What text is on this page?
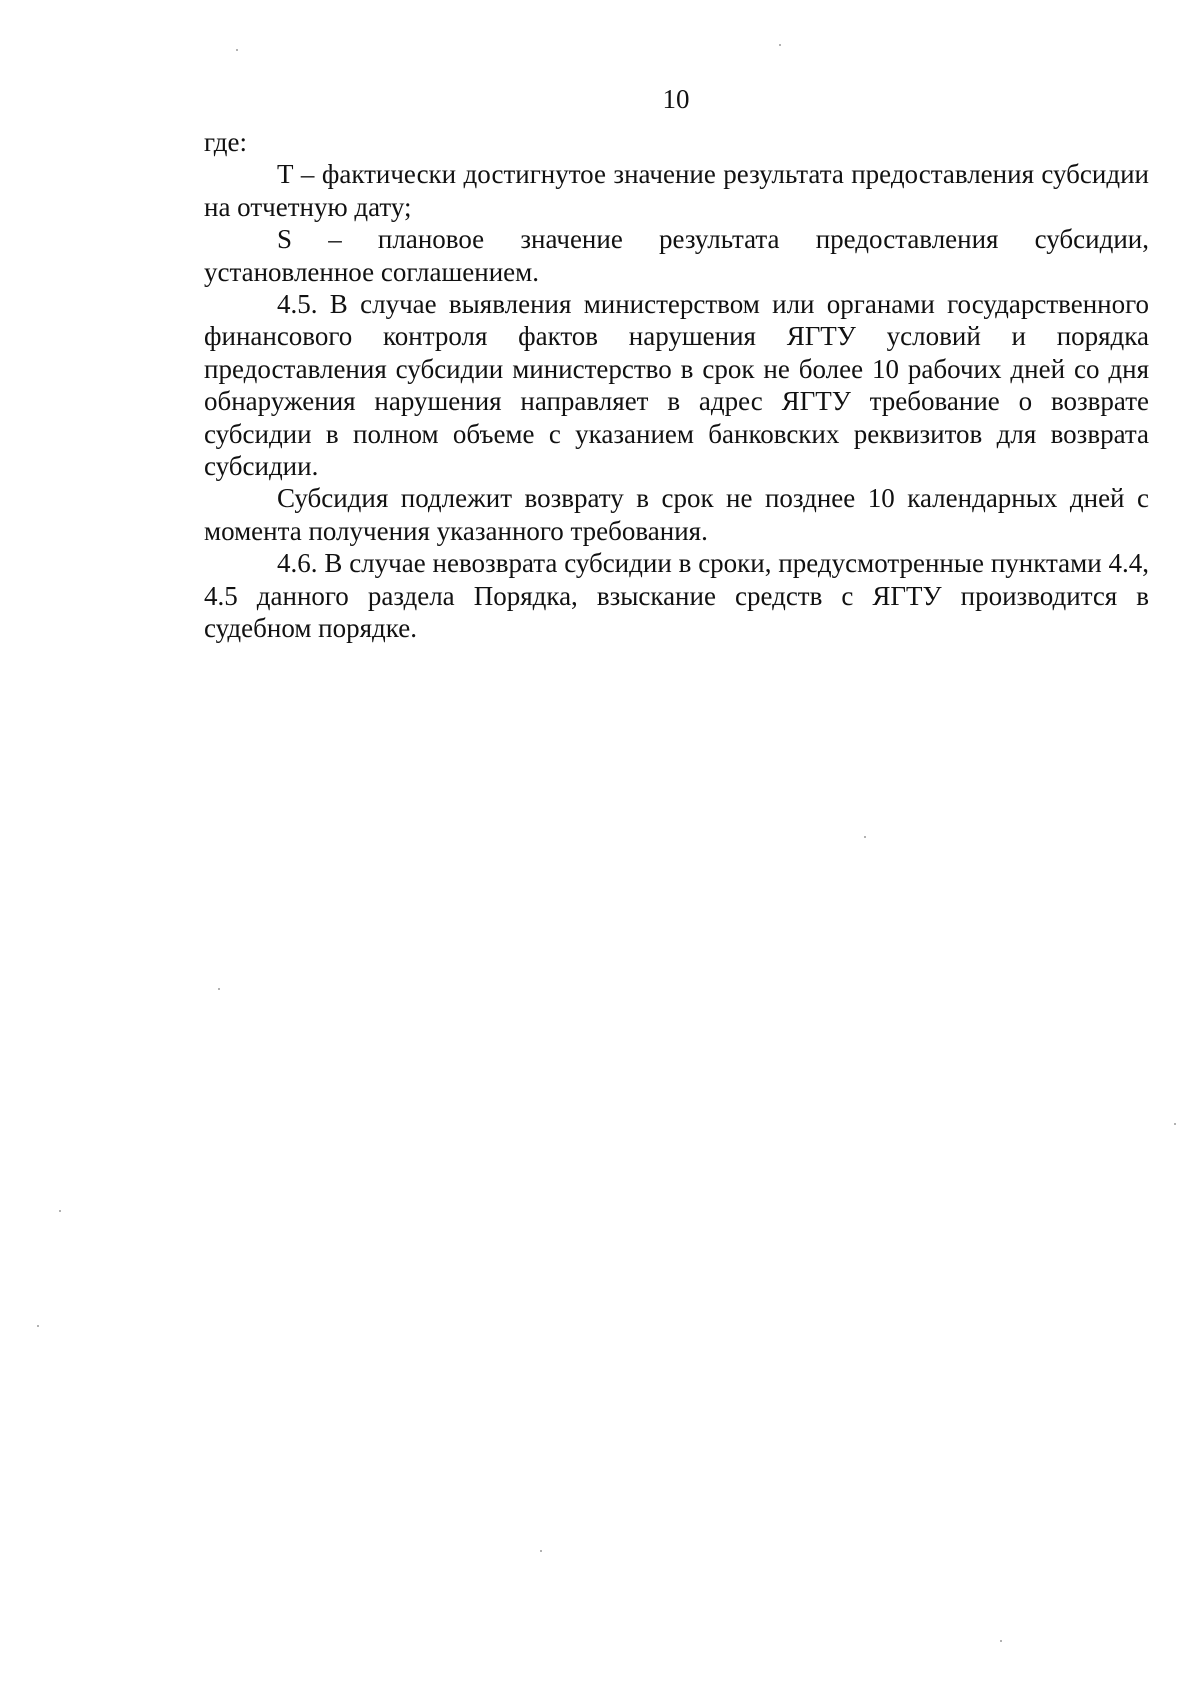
10

где:

Т – фактически достигнутое значение результата предоставления субсидии на отчетную дату;

S – плановое значение результата предоставления субсидии, установленное соглашением.

4.5. В случае выявления министерством или органами государственного финансового контроля фактов нарушения ЯГТУ условий и порядка предоставления субсидии министерство в срок не более 10 рабочих дней со дня обнаружения нарушения направляет в адрес ЯГТУ требование о возврате субсидии в полном объеме с указанием банковских реквизитов для возврата субсидии.

Субсидия подлежит возврату в срок не позднее 10 календарных дней с момента получения указанного требования.

4.6. В случае невозврата субсидии в сроки, предусмотренные пунктами 4.4, 4.5 данного раздела Порядка, взыскание средств с ЯГТУ производится в судебном порядке.
